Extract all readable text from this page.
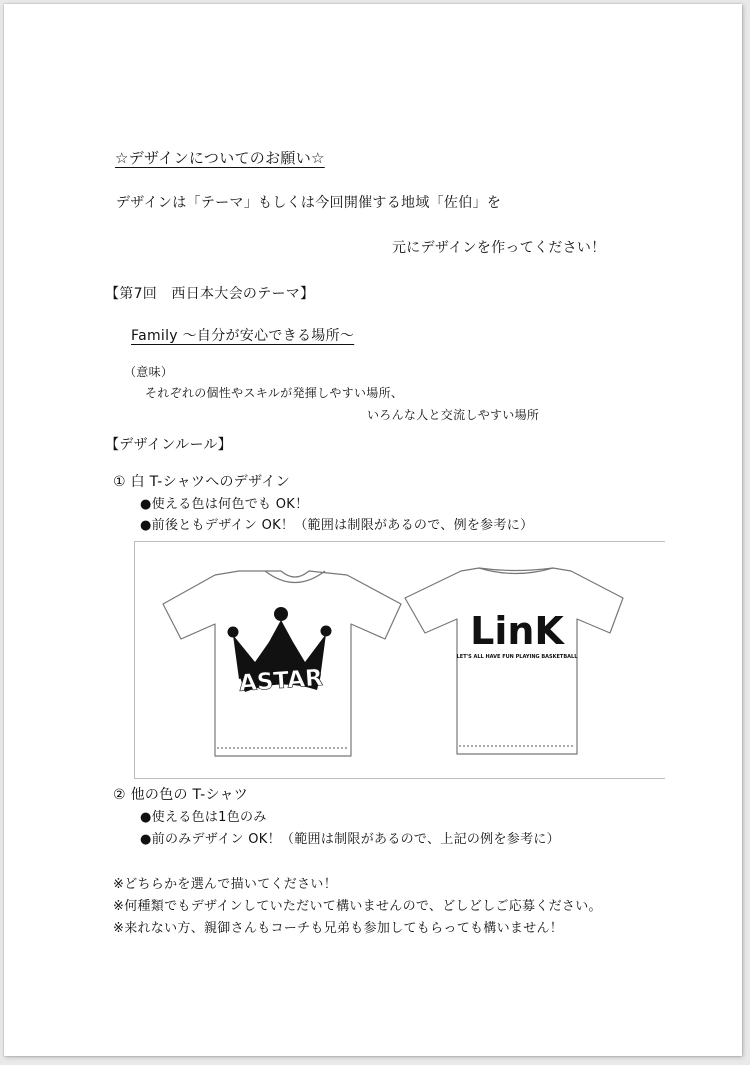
☆デザインについてのお願い☆
デザインは「テーマ」もしくは今回開催する地域「佐伯」を
元にデザインを作ってください！
【第7回　西日本大会のテーマ】
Family ～自分が安心できる場所～
（意味）
それぞれの個性やスキルが発揮しやすい場所、
いろんな人と交流しやすい場所
【デザインルール】
① 白 T-シャツへのデザイン
●使える色は何色でも OK！
●前後ともデザイン OK！（範囲は制限があるので、例を参考に）
ASTAR
LinK
LET'S ALL HAVE FUN PLAYING BASKETBALL
② 他の色の T-シャツ
●使える色は1色のみ
●前のみデザイン OK！（範囲は制限があるので、上記の例を参考に）
※どちらかを選んで描いてください！
※何種類でもデザインしていただいて構いませんので、どしどしご応募ください。
※来れない方、親御さんもコーチも兄弟も参加してもらっても構いません！
